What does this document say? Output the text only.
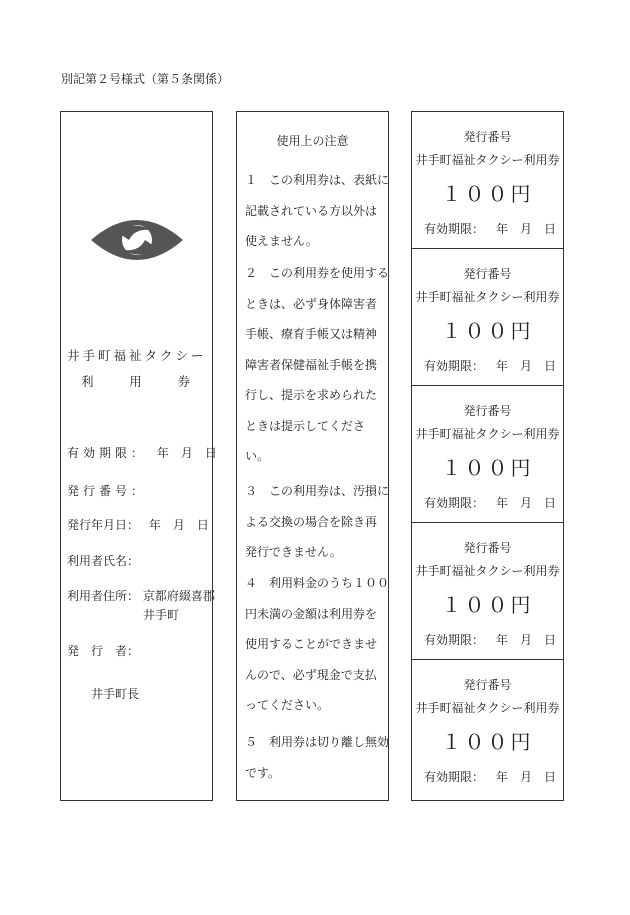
別記第２号様式（第５条関係）
井手町福祉タクシー
利	用	券
有効期限： 年　月　日
発行番号：
発行年月日： 年　月　日
利用者氏名：
利用者住所： 京都府綴喜郡
井手町
発　行　者：
井手町長
使用上の注意

１　この利用券は、表紙に

記載されている方以外は

使えません。

２　この利用券を使用する

ときは、必ず身体障害者

手帳、療育手帳又は精神

障害者保健福祉手帳を携

行し、提示を求められた

ときは提示してくださ

い。

３　この利用券は、汚損に

よる交換の場合を除き再

発行できません。

４　利用料金のうち１００

円未満の金額は利用券を

使用することができませ

んので、必ず現金で支払

ってください。

５　利用券は切り離し無効

です。

発行番号
井手町福祉タクシー利用券
１００円
有効期限： 年　月　日
発行番号
井手町福祉タクシー利用券
１００円
有効期限： 年　月　日
発行番号
井手町福祉タクシー利用券
１００円
有効期限： 年　月　日
発行番号
井手町福祉タクシー利用券
１００円
有効期限： 年　月　日
発行番号
井手町福祉タクシー利用券
１００円
有効期限： 年　月　日
